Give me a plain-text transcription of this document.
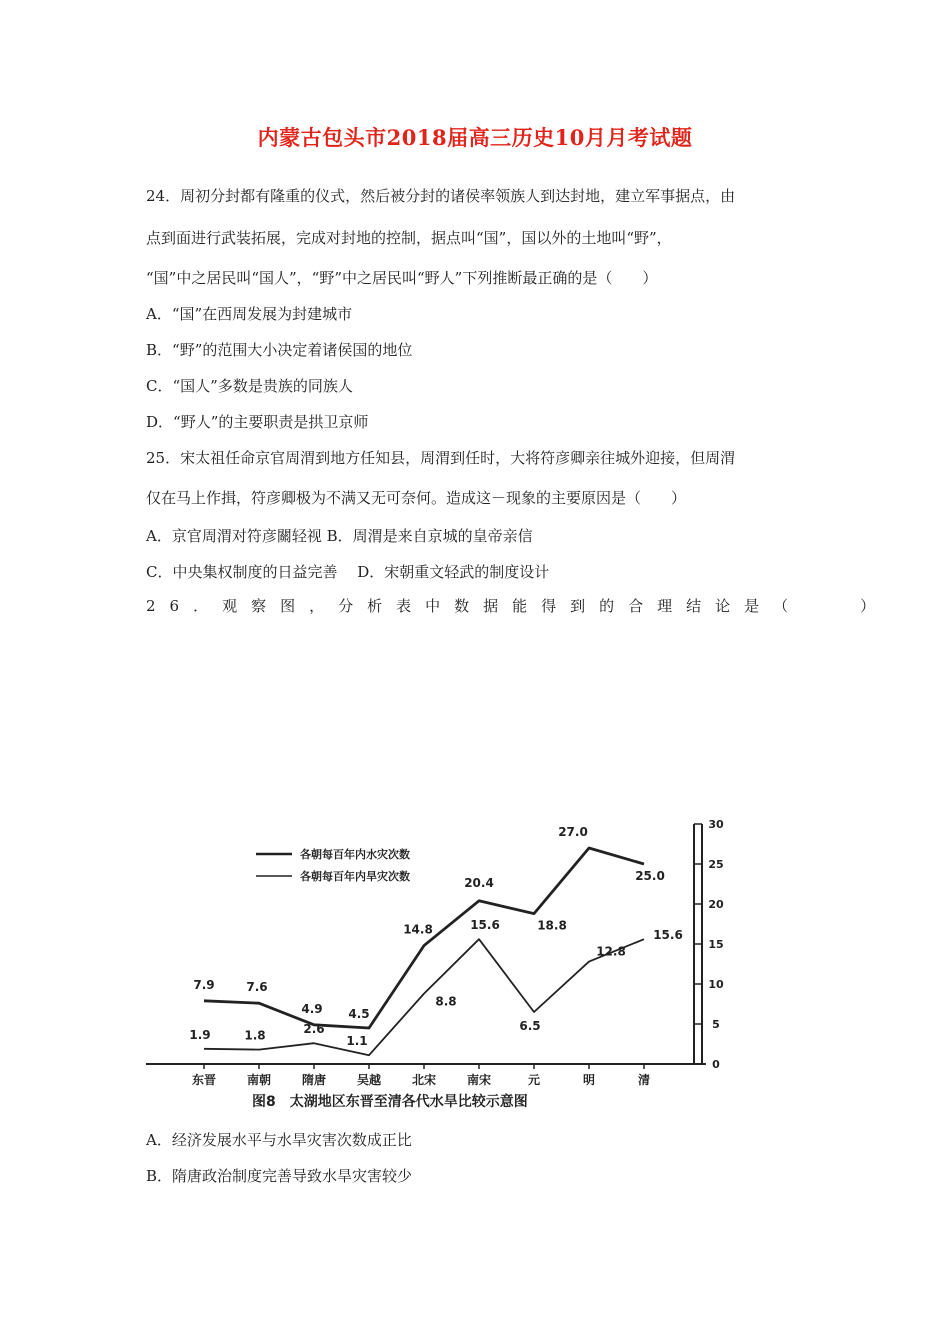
内蒙古包头市2018届高三历史10月月考试题
24．周初分封都有隆重的仪式，然后被分封的诸侯率领族人到达封地，建立军事据点，由
点到面进行武装拓展，完成对封地的控制，据点叫“国”，国以外的土地叫“野”，
“国”中之居民叫“国人”，“野”中之居民叫“野人”下列推断最正确的是（　　）
A．“国”在西周发展为封建城市
B．“野”的范围大小决定着诸侯国的地位
C．“国人”多数是贵族的同族人
D．“野人”的主要职责是拱卫京师
25．宋太祖任命京官周渭到地方任知县，周渭到任时，大将符彦卿亲往城外迎接，但周渭
仅在马上作揖，符彦卿极为不满又无可奈何。造成这－现象的主要原因是（　　）
A．京官周渭对符彦關轻视 B．周渭是来自京城的皇帝亲信
C．中央集权制度的日益完善　 D．宋朝重文轻武的制度设计
26．观察图，分析表中数据能得到的合理结论是（　　）
各朝每百年内水灾次数
各朝每百年内旱灾次数
0
5
10
15
20
25
30
东晋	南朝	隋唐	吴越	北宋	南宋	元	明	清
7.9	7.6
4.9 4.5
14.8
20.4
18.8
27.0
25.0
1.9	1.8	2.6
1.1
8.8
15.6
6.5
12.8
15.6
图8　太湖地区东晋至清各代水旱比较示意图
A．经济发展水平与水旱灾害次数成正比
B．隋唐政治制度完善导致水旱灾害较少
